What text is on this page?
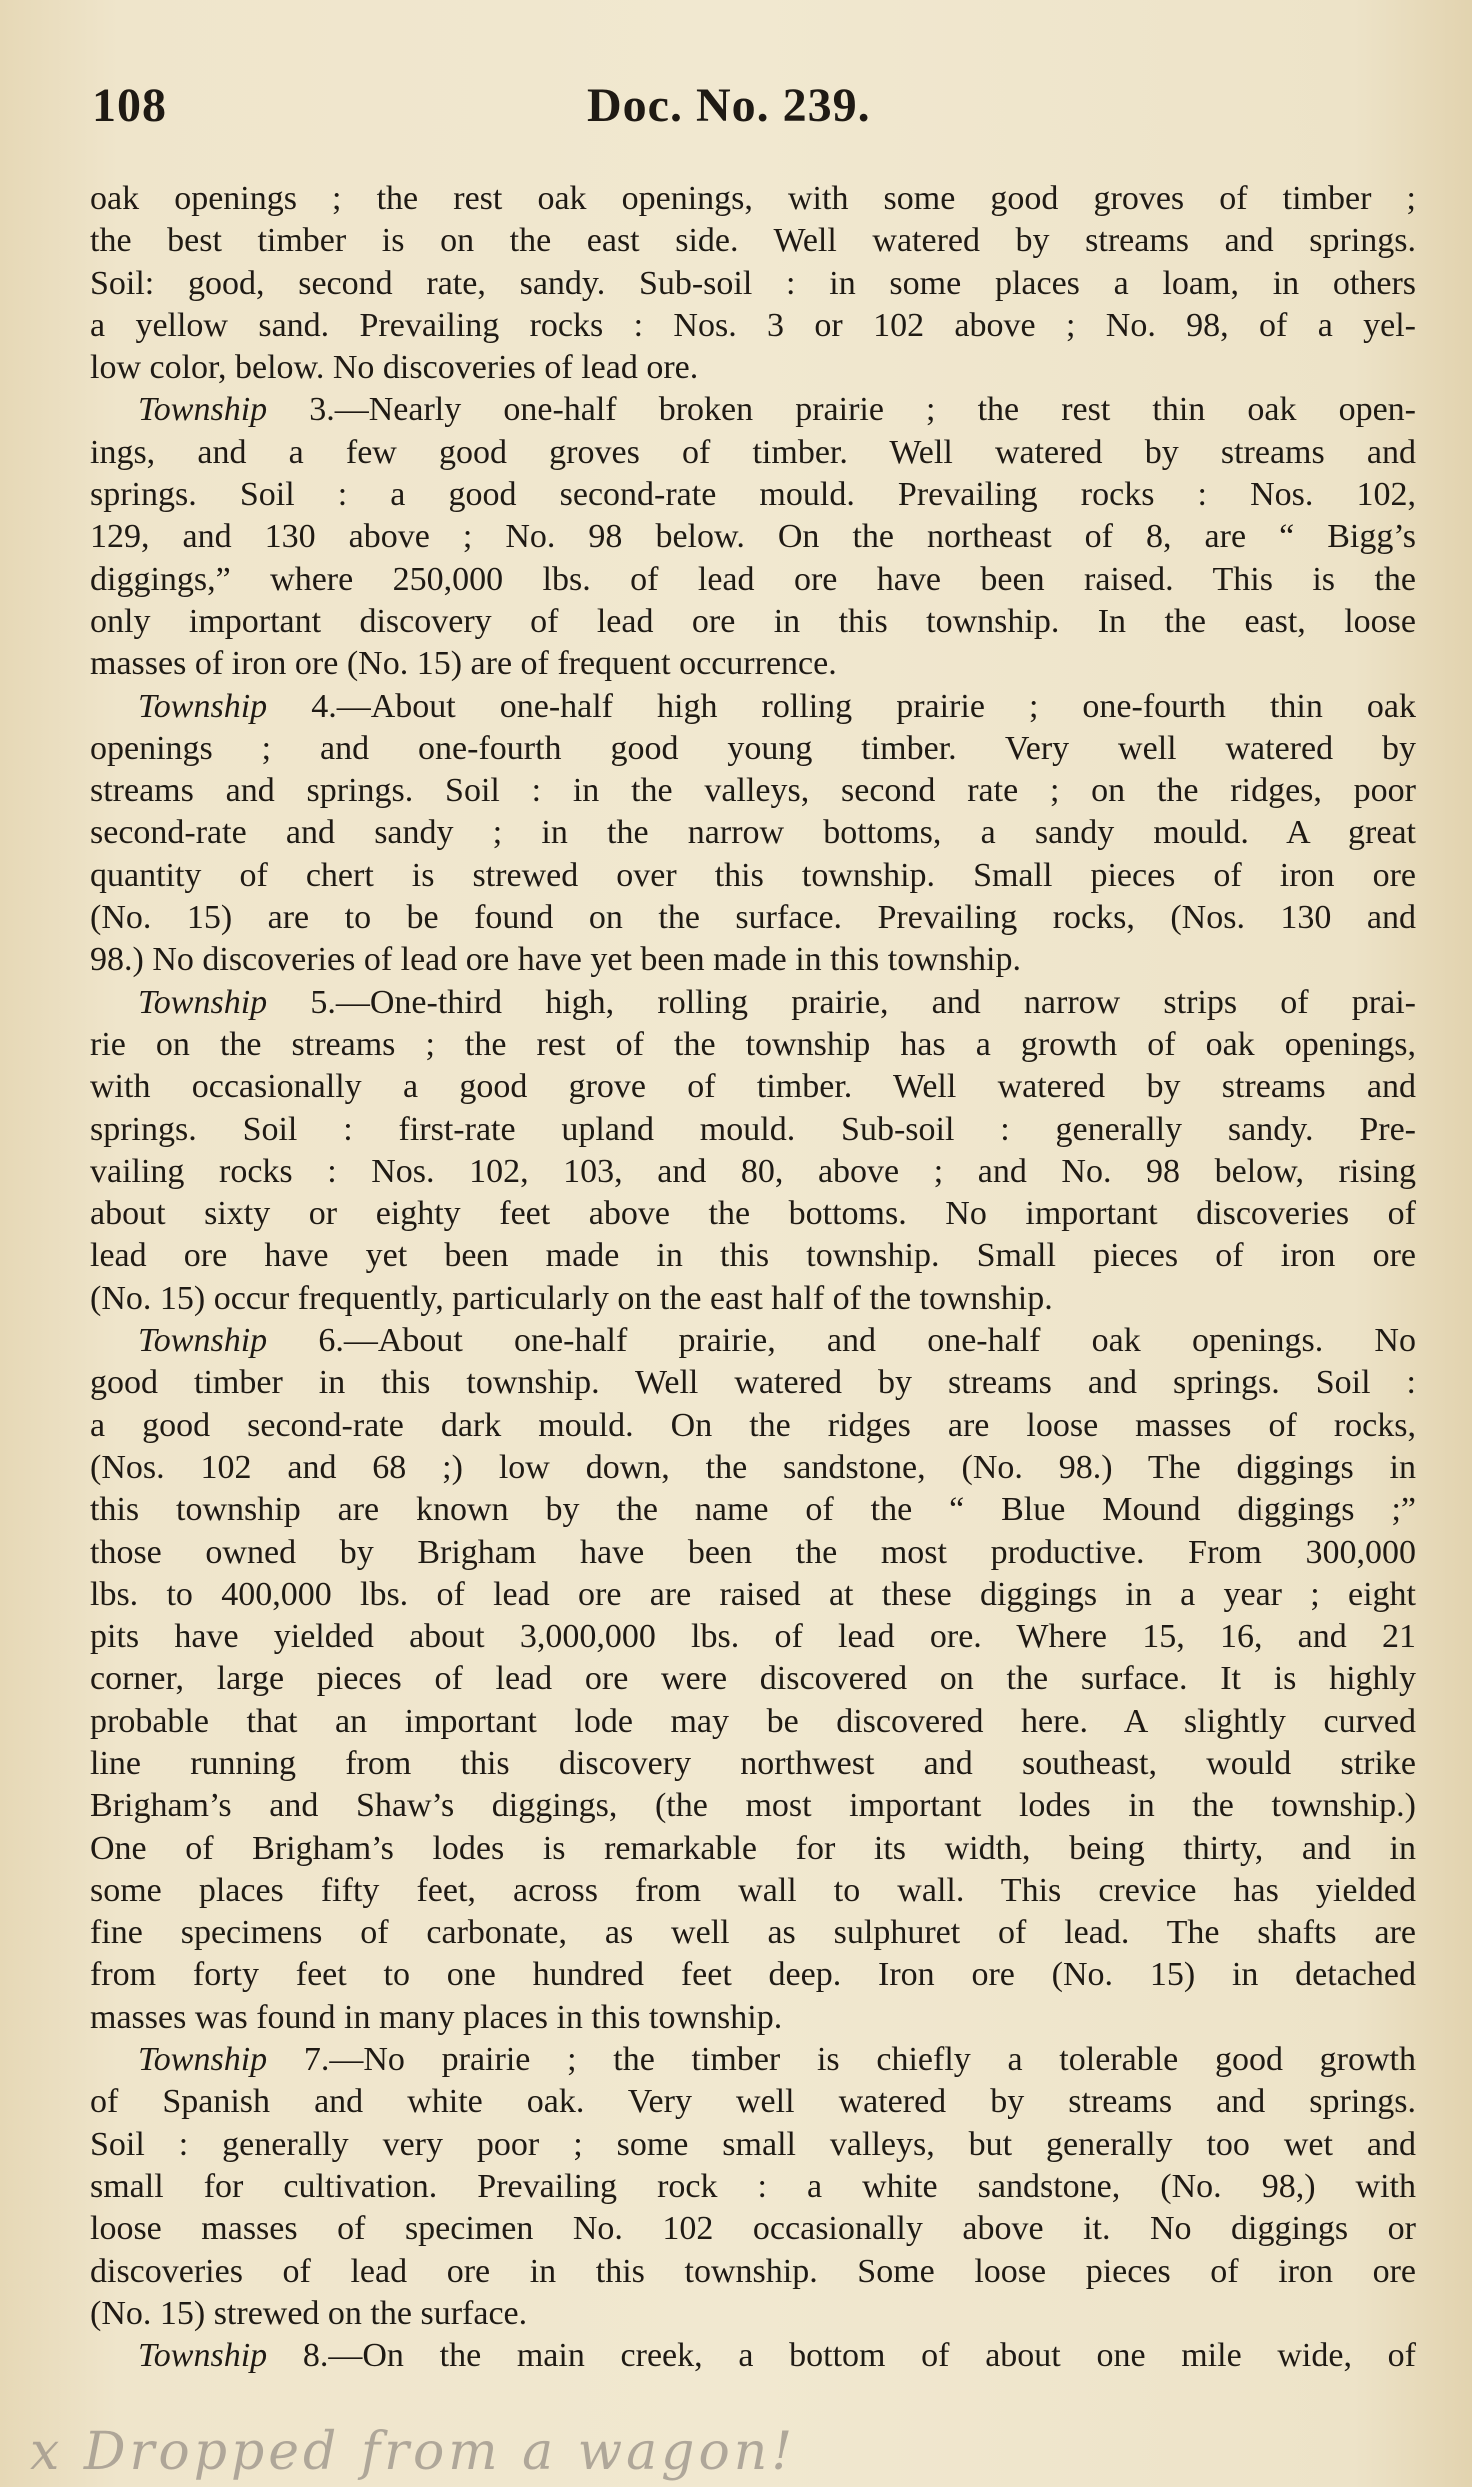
108	Doc. No. 239.
oak openings ; the rest oak openings, with some good groves of timber ;
the best timber is on the east side. Well watered by streams and springs.
Soil: good, second rate, sandy. Sub-soil : in some places a loam, in others
a yellow sand. Prevailing rocks : Nos. 3 or 102 above ; No. 98, of a yel-
low color, below. No discoveries of lead ore.
Township 3.—Nearly one-half broken prairie ; the rest thin oak open-
ings, and a few good groves of timber. Well watered by streams and
springs. Soil : a good second-rate mould. Prevailing rocks : Nos. 102,
129, and 130 above ; No. 98 below. On the northeast of 8, are “ Bigg’s
diggings,” where 250,000 lbs. of lead ore have been raised. This is the
only important discovery of lead ore in this township. In the east, loose
masses of iron ore (No. 15) are of frequent occurrence.
Township 4.—About one-half high rolling prairie ; one-fourth thin oak
openings ; and one-fourth good young timber. Very well watered by
streams and springs. Soil : in the valleys, second rate ; on the ridges, poor
second-rate and sandy ; in the narrow bottoms, a sandy mould. A great
quantity of chert is strewed over this township. Small pieces of iron ore
(No. 15) are to be found on the surface. Prevailing rocks, (Nos. 130 and
98.) No discoveries of lead ore have yet been made in this township.
Township 5.—One-third high, rolling prairie, and narrow strips of prai-
rie on the streams ; the rest of the township has a growth of oak openings,
with occasionally a good grove of timber. Well watered by streams and
springs. Soil : first-rate upland mould. Sub-soil : generally sandy. Pre-
vailing rocks : Nos. 102, 103, and 80, above ; and No. 98 below, rising
about sixty or eighty feet above the bottoms. No important discoveries of
lead ore have yet been made in this township. Small pieces of iron ore
(No. 15) occur frequently, particularly on the east half of the township.
Township 6.—About one-half prairie, and one-half oak openings. No
good timber in this township. Well watered by streams and springs. Soil :
a good second-rate dark mould. On the ridges are loose masses of rocks,
(Nos. 102 and 68 ;) low down, the sandstone, (No. 98.) The diggings in
this township are known by the name of the “ Blue Mound diggings ;”
those owned by Brigham have been the most productive. From 300,000
lbs. to 400,000 lbs. of lead ore are raised at these diggings in a year ; eight
pits have yielded about 3,000,000 lbs. of lead ore. Where 15, 16, and 21
corner, large pieces of lead ore were discovered on the surface. It is highly
probable that an important lode may be discovered here. A slightly curved
line running from this discovery northwest and southeast, would strike
Brigham’s and Shaw’s diggings, (the most important lodes in the township.)
One of Brigham’s lodes is remarkable for its width, being thirty, and in
some places fifty feet, across from wall to wall. This crevice has yielded
fine specimens of carbonate, as well as sulphuret of lead. The shafts are
from forty feet to one hundred feet deep. Iron ore (No. 15) in detached
masses was found in many places in this township.
Township 7.—No prairie ; the timber is chiefly a tolerable good growth
of Spanish and white oak. Very well watered by streams and springs.
Soil : generally very poor ; some small valleys, but generally too wet and
small for cultivation. Prevailing rock : a white sandstone, (No. 98,) with
loose masses of specimen No. 102 occasionally above it. No diggings or
discoveries of lead ore in this township. Some loose pieces of iron ore
(No. 15) strewed on the surface.
Township 8.—On the main creek, a bottom of about one mile wide, of
x Dropped from a wagon!
